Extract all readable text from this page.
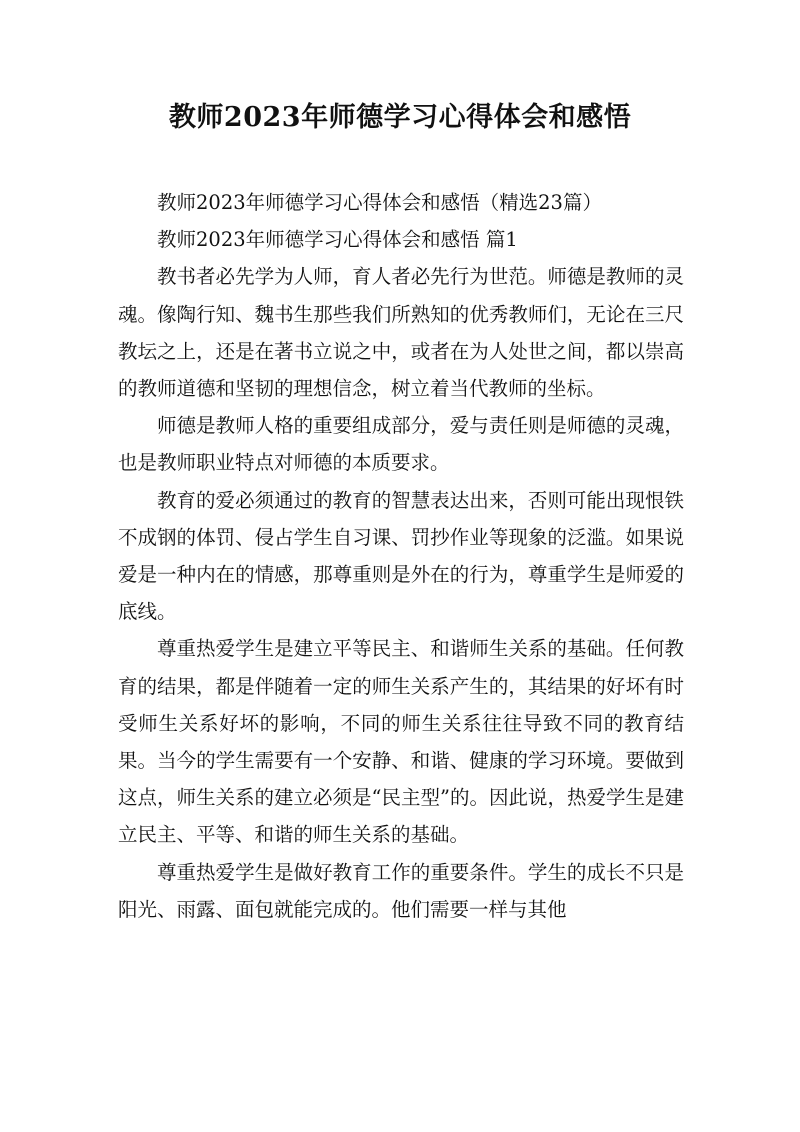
教师2023年师德学习心得体会和感悟

教师2023年师德学习心得体会和感悟（精选23篇）

教师2023年师德学习心得体会和感悟 篇1

教书者必先学为人师，育人者必先行为世范。师德是教师的灵魂。像陶行知、魏书生那些我们所熟知的优秀教师们，无论在三尺教坛之上，还是在著书立说之中，或者在为人处世之间，都以崇高的教师道德和坚韧的理想信念，树立着当代教师的坐标。

师德是教师人格的重要组成部分，爱与责任则是师德的灵魂，也是教师职业特点对师德的本质要求。

教育的爱必须通过的教育的智慧表达出来，否则可能出现恨铁不成钢的体罚、侵占学生自习课、罚抄作业等现象的泛滥。如果说爱是一种内在的情感，那尊重则是外在的行为，尊重学生是师爱的底线。

尊重热爱学生是建立平等民主、和谐师生关系的基础。任何教育的结果，都是伴随着一定的师生关系产生的，其结果的好坏有时受师生关系好坏的影响，不同的师生关系往往导致不同的教育结果。当今的学生需要有一个安静、和谐、健康的学习环境。要做到这点，师生关系的建立必须是“民主型”的。因此说，热爱学生是建立民主、平等、和谐的师生关系的基础。

尊重热爱学生是做好教育工作的重要条件。学生的成长不只是阳光、雨露、面包就能完成的。他们需要一样与其他
